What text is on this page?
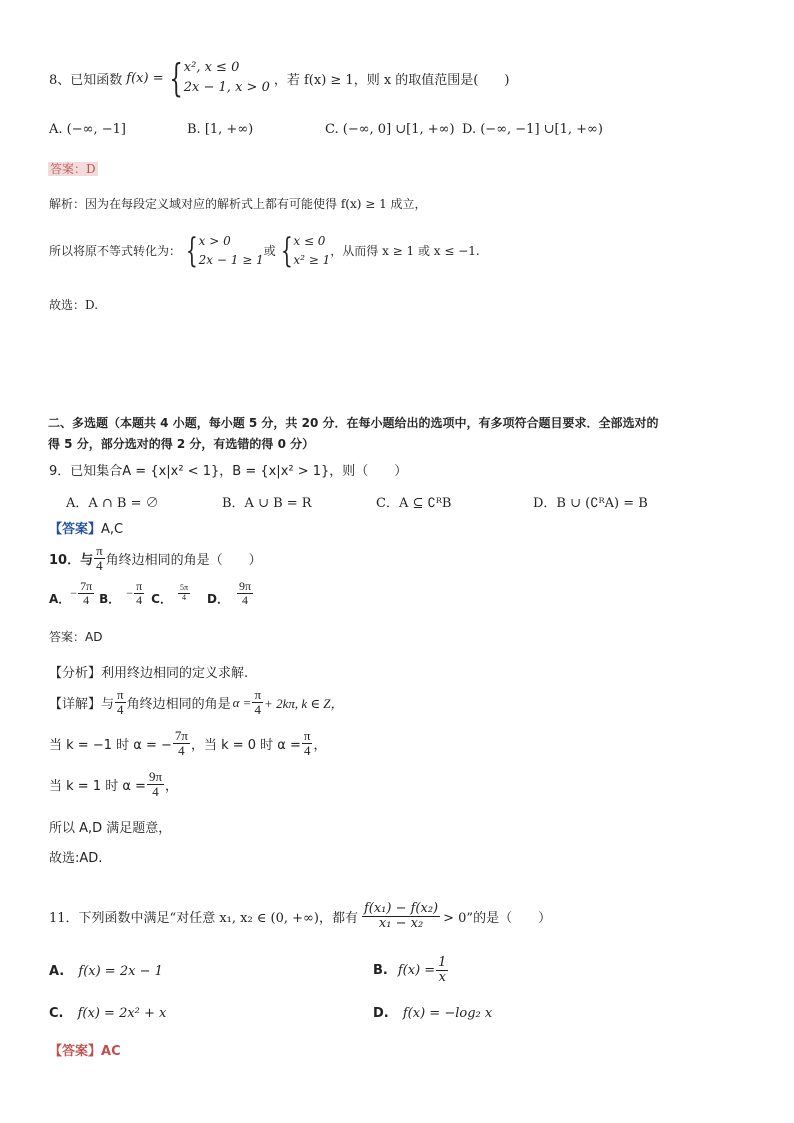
8、已知函数 f(x) = { x², x ≤ 0
2x − 1, x > 0 ，若 f(x) ≥ 1，则 x 的取值范围是(　　)
A. (−∞, −1]	B. [1, +∞)	C. (−∞, 0] ∪[1, +∞) D. (−∞, −1] ∪[1, +∞)
答案：D
解析：因为在每段定义域对应的解析式上都有可能使得 f(x) ≥ 1 成立，
所以将原不等式转化为： { x > 0
2x − 1 ≥ 1
或 { x ≤ 0
x² ≥ 1
，从而得 x ≥ 1 或 x ≤ −1.
故选：D.
二、多选题（本题共 4 小题，每小题 5 分，共 20 分．在每小题给出的选项中，有多项符合题目要求．全部选对的
得 5 分，部分选对的得 2 分，有选错的得 0 分）
9．已知集合A = {x|x² < 1}，B = {x|x² > 1}，则（　　）
A．A ∩ B = ∅	B．A ∪ B = R	C．A ⊆ ∁ᴿB	D．B ∪ (∁ᴿA) = B
【答案】A,C
10．与 $\frac{\pi}{4}$ 角终边相同的角是（　　）
A． − $\frac{7\pi}{4}$ B． − $\frac{\pi}{4}$ C． $\frac{5\pi}{4}$ D． $\frac{9\pi}{4}$
答案：AD
【分析】利用终边相同的定义求解.
【详解】与 $\frac{\pi}{4}$ 角终边相同的角是 $\alpha = \frac{\pi}{4} + 2k\pi$, k ∈ Z，
当 k = −1 时 α = − $\frac{7\pi}{4}$ ，当 k = 0 时 $\alpha = \frac{\pi}{4}$ ，
当 k = 1 时 $\alpha = \frac{9\pi}{4}$ ，
所以 A,D 满足题意，
故选:AD.
11．下列函数中满足“对任意 x₁, x₂ ∈ (0, +∞)，都有 $\frac{\text{f(x₁) − f(x₂)}}{\text{x₁ − x₂}} > 0$”的是（　　）
A. f(x) = 2x − 1	B. $f(x) = \frac{1}{x}$
C. f(x) = 2x² + x	D. f(x) = −log₂ x
【答案】AC
